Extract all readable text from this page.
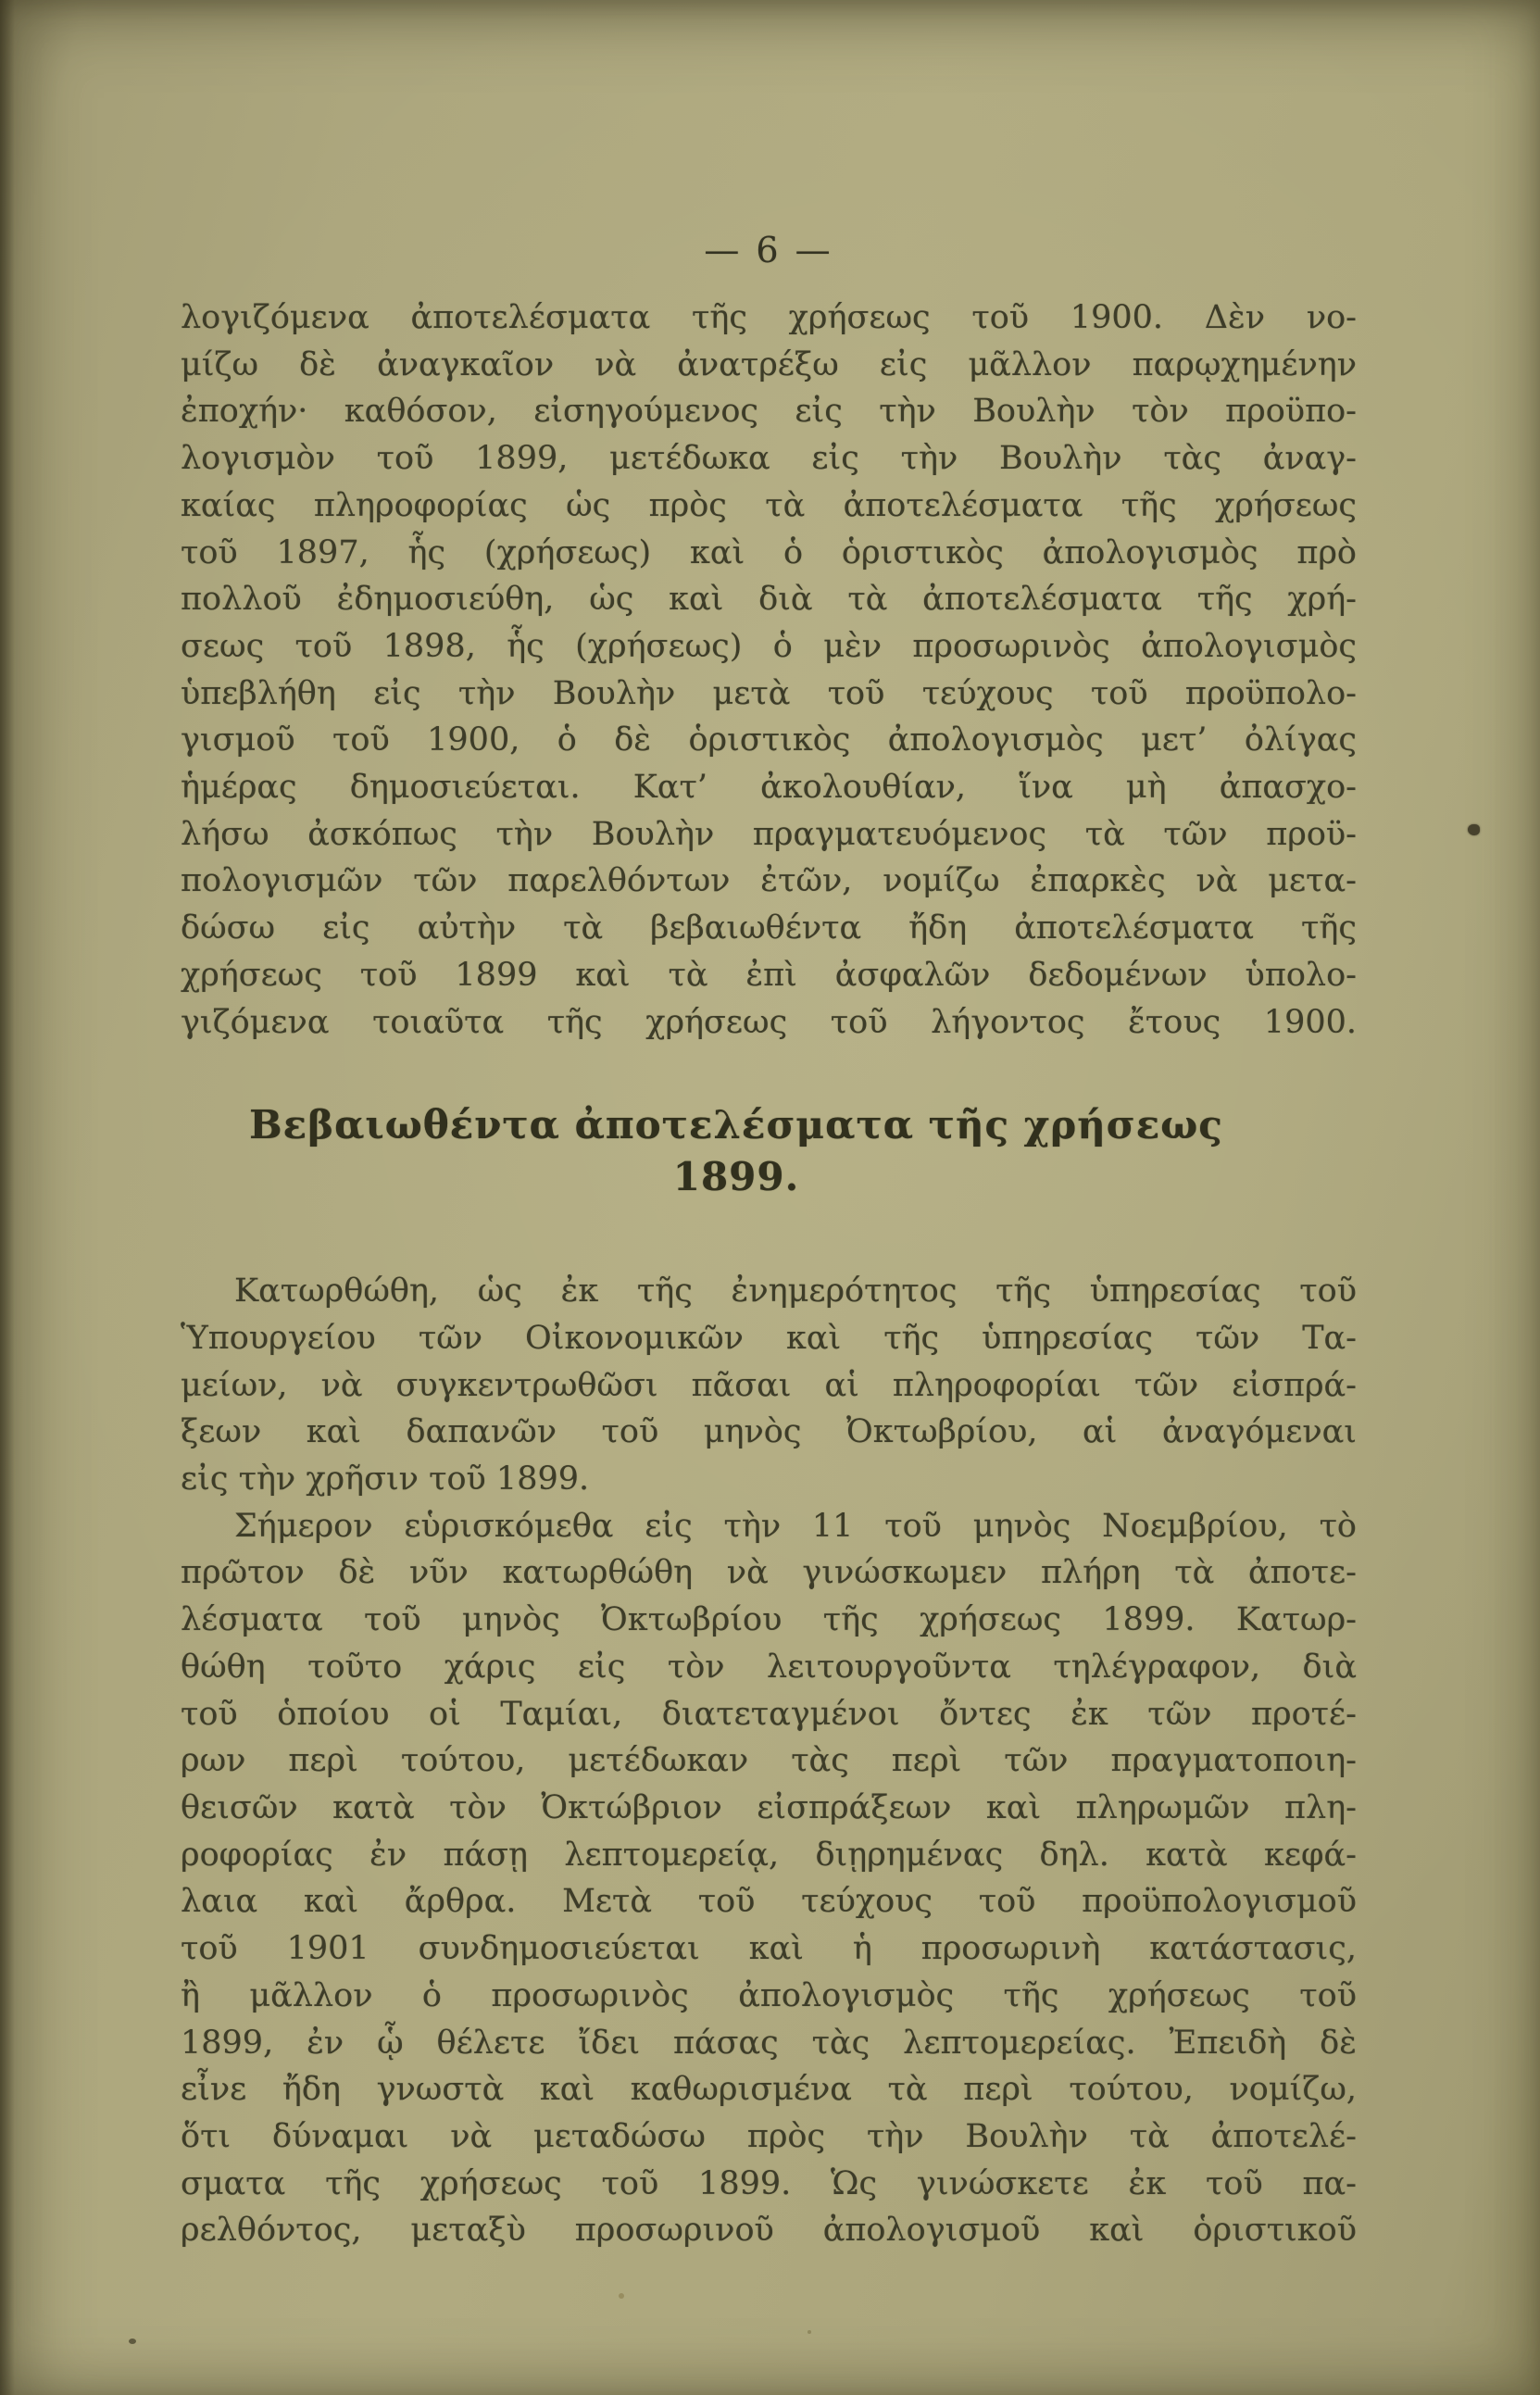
— 6 —
λογιζόμενα ἀποτελέσματα τῆς χρήσεως τοῦ 1900. Δὲν νο-
μίζω δὲ ἀναγκαῖον νὰ ἀνατρέξω εἰς μᾶλλον παρῳχημένην
ἐποχήν· καθόσον, εἰσηγούμενος εἰς τὴν Βουλὴν τὸν προϋπο-
λογισμὸν τοῦ 1899, μετέδωκα εἰς τὴν Βουλὴν τὰς ἀναγ-
καίας πληροφορίας ὡς πρὸς τὰ ἀποτελέσματα τῆς χρήσεως
τοῦ 1897, ἧς (χρήσεως) καὶ ὁ ὁριστικὸς ἀπολογισμὸς πρὸ
πολλοῦ ἐδημοσιεύθη, ὡς καὶ διὰ τὰ ἀποτελέσματα τῆς χρή-
σεως τοῦ 1898, ἧς (χρήσεως) ὁ μὲν προσωρινὸς ἀπολογισμὸς
ὑπεβλήθη εἰς τὴν Βουλὴν μετὰ τοῦ τεύχους τοῦ προϋπολο-
γισμοῦ τοῦ 1900, ὁ δὲ ὁριστικὸς ἀπολογισμὸς μετ’ ὀλίγας
ἡμέρας δημοσιεύεται. Κατ’ ἀκολουθίαν, ἵνα μὴ ἀπασχο-
λήσω ἀσκόπως τὴν Βουλὴν πραγματευόμενος τὰ τῶν προϋ-
πολογισμῶν τῶν παρελθόντων ἐτῶν, νομίζω ἐπαρκὲς νὰ μετα-
δώσω εἰς αὐτὴν τὰ βεβαιωθέντα ἤδη ἀποτελέσματα τῆς
χρήσεως τοῦ 1899 καὶ τὰ ἐπὶ ἀσφαλῶν δεδομένων ὑπολο-
γιζόμενα τοιαῦτα τῆς χρήσεως τοῦ λήγοντος ἔτους 1900.
Βεβαιωθέντα ἀποτελέσματα τῆς χρήσεως 1899.
Κατωρθώθη, ὡς ἐκ τῆς ἐνημερότητος τῆς ὑπηρεσίας τοῦ
Ὑπουργείου τῶν Οἰκονομικῶν καὶ τῆς ὑπηρεσίας τῶν Τα-
μείων, νὰ συγκεντρωθῶσι πᾶσαι αἱ πληροφορίαι τῶν εἰσπρά-
ξεων καὶ δαπανῶν τοῦ μηνὸς Ὀκτωβρίου, αἱ ἀναγόμεναι
εἰς τὴν χρῆσιν τοῦ 1899.
Σήμερον εὑρισκόμεθα εἰς τὴν 11 τοῦ μηνὸς Νοεμβρίου, τὸ
πρῶτον δὲ νῦν κατωρθώθη νὰ γινώσκωμεν πλήρη τὰ ἀποτε-
λέσματα τοῦ μηνὸς Ὀκτωβρίου τῆς χρήσεως 1899. Κατωρ-
θώθη τοῦτο χάρις εἰς τὸν λειτουργοῦντα τηλέγραφον, διὰ
τοῦ ὁποίου οἱ Ταμίαι, διατεταγμένοι ὄντες ἐκ τῶν προτέ-
ρων περὶ τούτου, μετέδωκαν τὰς περὶ τῶν πραγματοποιη-
θεισῶν κατὰ τὸν Ὀκτώβριον εἰσπράξεων καὶ πληρωμῶν πλη-
ροφορίας ἐν πάσῃ λεπτομερείᾳ, διῃρημένας δηλ. κατὰ κεφά-
λαια καὶ ἄρθρα. Μετὰ τοῦ τεύχους τοῦ προϋπολογισμοῦ
τοῦ 1901 συνδημοσιεύεται καὶ ἡ προσωρινὴ κατάστασις,
ἢ μᾶλλον ὁ προσωρινὸς ἀπολογισμὸς τῆς χρήσεως τοῦ
1899, ἐν ᾧ θέλετε ἴδει πάσας τὰς λεπτομερείας. Ἐπειδὴ δὲ
εἶνε ἤδη γνωστὰ καὶ καθωρισμένα τὰ περὶ τούτου, νομίζω,
ὅτι δύναμαι νὰ μεταδώσω πρὸς τὴν Βουλὴν τὰ ἀποτελέ-
σματα τῆς χρήσεως τοῦ 1899. Ὡς γινώσκετε ἐκ τοῦ πα-
ρελθόντος, μεταξὺ προσωρινοῦ ἀπολογισμοῦ καὶ ὁριστικοῦ
